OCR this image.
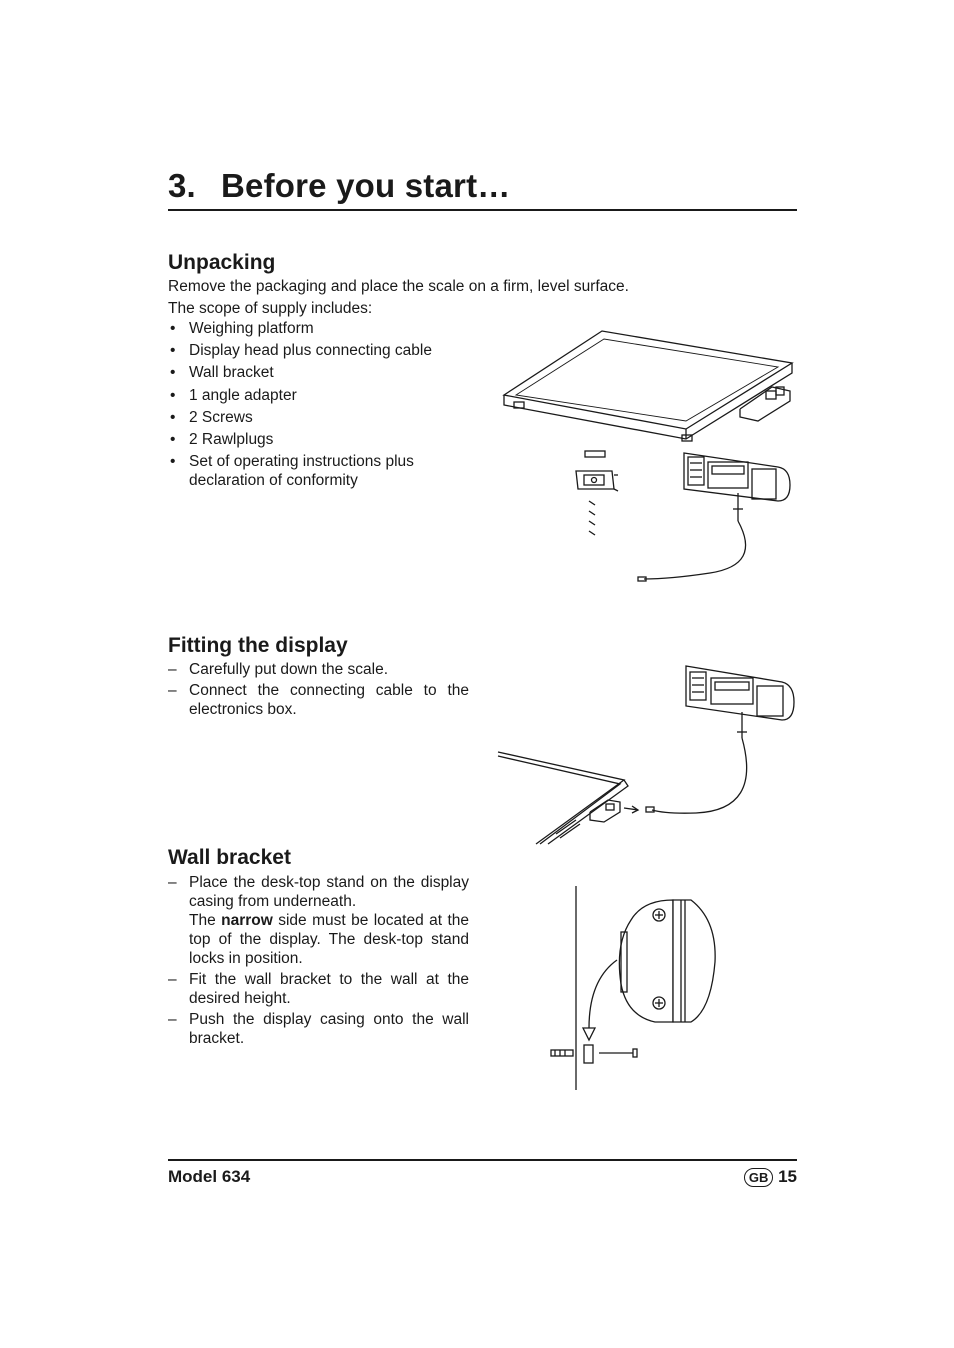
3. Before you start…
Unpacking
Remove the packaging and place the scale on a firm, level surface.
The scope of supply includes:
• Weighing platform
• Display head plus connecting cable
• Wall bracket
• 1 angle adapter
• 2 Screws
• 2 Rawlplugs
• Set of operating instructions plus declaration of conformity
Fitting the display
– Carefully put down the scale.
– Connect the connecting cable to the electronics box.
Wall bracket
– Place the desk-top stand on the display casing from underneath.
The narrow side must be located at the top of the display. The desk-top stand locks in position.
– Fit the wall bracket to the wall at the desired height.
– Push the display casing onto the wall bracket.
Model 634	GB 15
